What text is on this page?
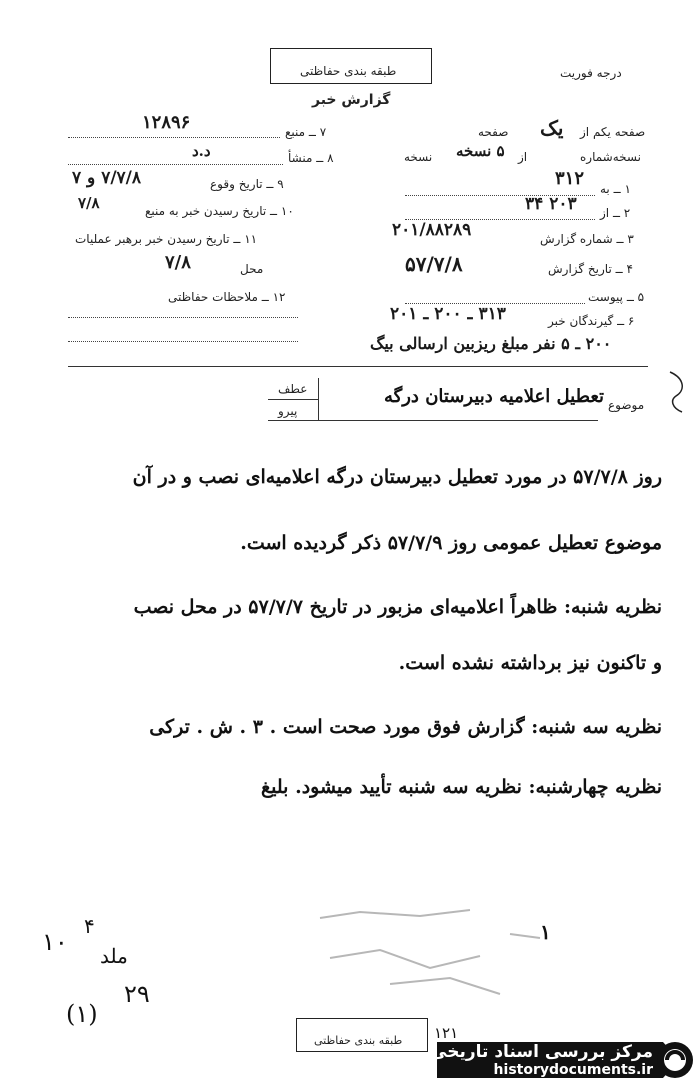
طبقه بندی حفاظتی	درجه فوریت
گزارش خبر
صفحه یکم از
یک
صفحه
نسخه‌شماره
از
۵ نسخه
نسخه
۱ ــ به
۳۱۲
۲ ــ از
۲۰۳ ۳۴
۳ ــ شماره گزارش
۲۰۱/۸۸۲۸۹
۴ ــ تاریخ گزارش
۵۷/۷/۸
۵ ــ پیوست
۶ ــ گیرندگان خبر
۳۱۳ ـ ۲۰۰ ـ ۲۰۱
۲۰۰ ـ ۵ نفر مبلغ ریزبین ارسالی بیگ
۷ ــ منبع
۱۲۸۹۶
۸ ــ منشأ
د.د
۹ ــ تاریخ وقوع
۷/۷/۸ و ۷
۱۰ ــ تاریخ رسیدن خبر به منبع
۷/۸
۱۱ ــ تاریخ رسیدن خبر برهبر عملیات
محل
۷/۸
۱۲ ــ ملاحظات حفاظتی
موضوع
تعطیل اعلامیه دبیرستان درگه
عطف
پیرو
روز ۵۷/۷/۸ در مورد تعطیل دبیرستان درگه اعلامیه‌ای نصب و در آن
موضوع تعطیل عمومی روز ۵۷/۷/۹ ذکر گردیده است.
نظریه شنبه: ظاهراً اعلامیه‌ای مزبور در تاریخ ۵۷/۷/۷ در محل نصب
و تاکنون نیز برداشته نشده است.
نظریه سه شنبه: گزارش فوق مورد صحت است . ۳ . ش . ترکی
نظریه چهارشنبه: نظریه سه شنبه تأیید میشود. بلیغ
۱
۱۰
۴
ملد
۲۹
(۱)
طبقه بندی حفاظتی ۱۲۱
مرکز بررسی اسناد تاریخی
historydocuments.ir
